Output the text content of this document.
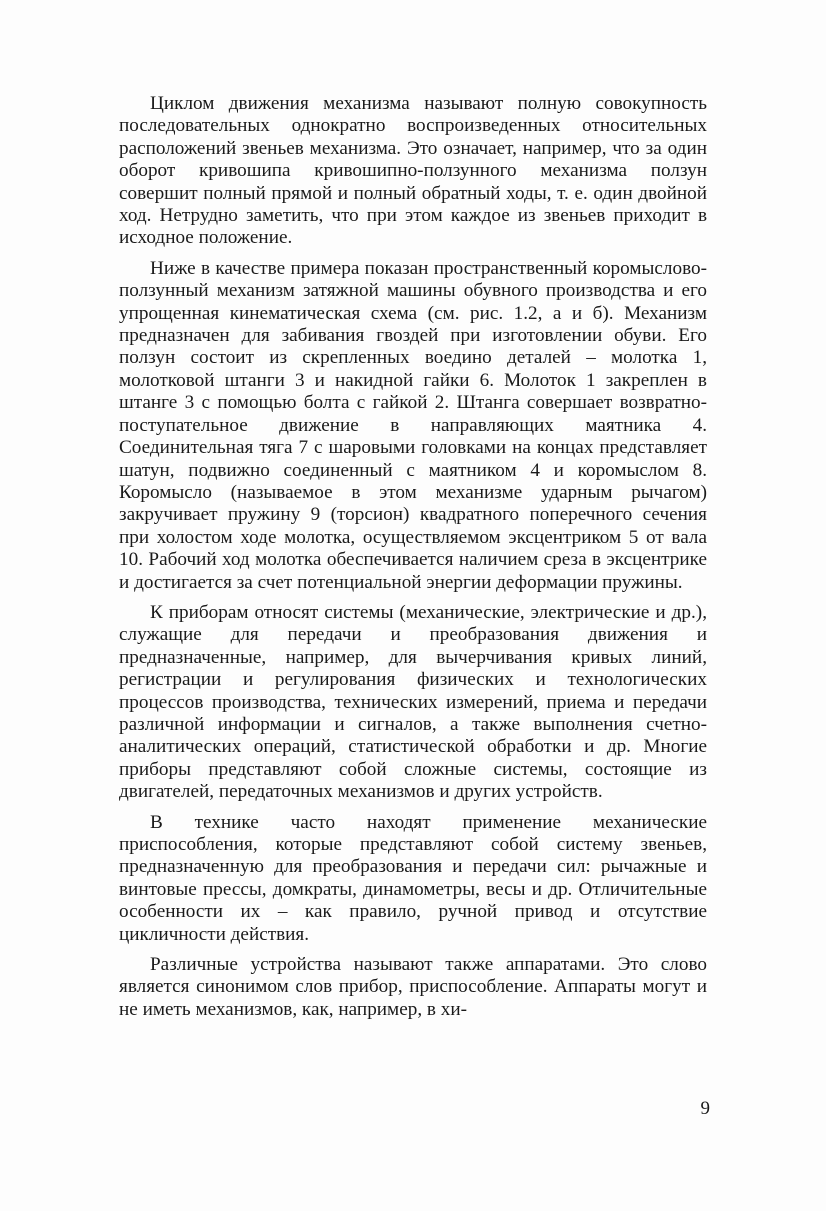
Циклом движения механизма называют полную совокупность последовательных однократно воспроизведенных относительных расположений звеньев механизма. Это означает, например, что за один оборот кривошипа кривошипно-ползунного механизма ползун совершит полный прямой и полный обратный ходы, т. е. один двойной ход. Нетрудно заметить, что при этом каждое из звеньев приходит в исходное положение.

Ниже в качестве примера показан пространственный коромыслово-ползунный механизм затяжной машины обувного производства и его упрощенная кинематическая схема (см. рис. 1.2, а и б). Механизм предназначен для забивания гвоздей при изготовлении обуви. Его ползун состоит из скрепленных воедино деталей – молотка 1, молотковой штанги 3 и накидной гайки 6. Молоток 1 закреплен в штанге 3 с помощью болта с гайкой 2. Штанга совершает возвратно-поступательное движение в направляющих маятника 4. Соединительная тяга 7 с шаровыми головками на концах представляет шатун, подвижно соединенный с маятником 4 и коромыслом 8. Коромысло (называемое в этом механизме ударным рычагом) закручивает пружину 9 (торсион) квадратного поперечного сечения при холостом ходе молотка, осуществляемом эксцентриком 5 от вала 10. Рабочий ход молотка обеспечивается наличием среза в эксцентрике и достигается за счет потенциальной энергии деформации пружины.

К приборам относят системы (механические, электрические и др.), служащие для передачи и преобразования движения и предназначенные, например, для вычерчивания кривых линий, регистрации и регулирования физических и технологических процессов производства, технических измерений, приема и передачи различной информации и сигналов, а также выполнения счетно-аналитических операций, статистической обработки и др. Многие приборы представляют собой сложные системы, состоящие из двигателей, передаточных механизмов и других устройств.

В технике часто находят применение механические приспособления, которые представляют собой систему звеньев, предназначенную для преобразования и передачи сил: рычажные и винтовые прессы, домкраты, динамометры, весы и др. Отличительные особенности их – как правило, ручной привод и отсутствие цикличности действия.

Различные устройства называют также аппаратами. Это слово является синонимом слов прибор, приспособление. Аппараты могут и не иметь механизмов, как, например, в хи-

9
